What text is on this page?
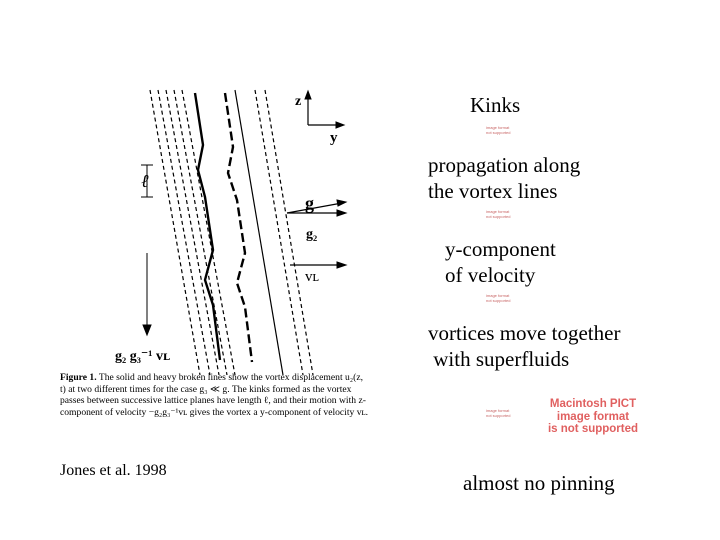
z
y
ℓ
g
g₂
vʟ
g₂ g₃⁻¹ vʟ
Figure 1. The solid and heavy broken lines show the vortex displacement u₂(z, t) at two different times for the case g₃ ≪ g. The kinks formed as the vortex passes between successive lattice planes have length ℓ, and their motion with z-component of velocity −g₂g₃⁻¹vʟ gives the vortex a y-component of velocity vʟ.
Jones et al. 1998
Kinks
propagation along
the vortex lines
y-component
of velocity
vortices move together
with superfluids
almost no pinning
image format not supported
image format not supported
image format not supported
image format not supported
Macintosh PICT
image format
is not supported
